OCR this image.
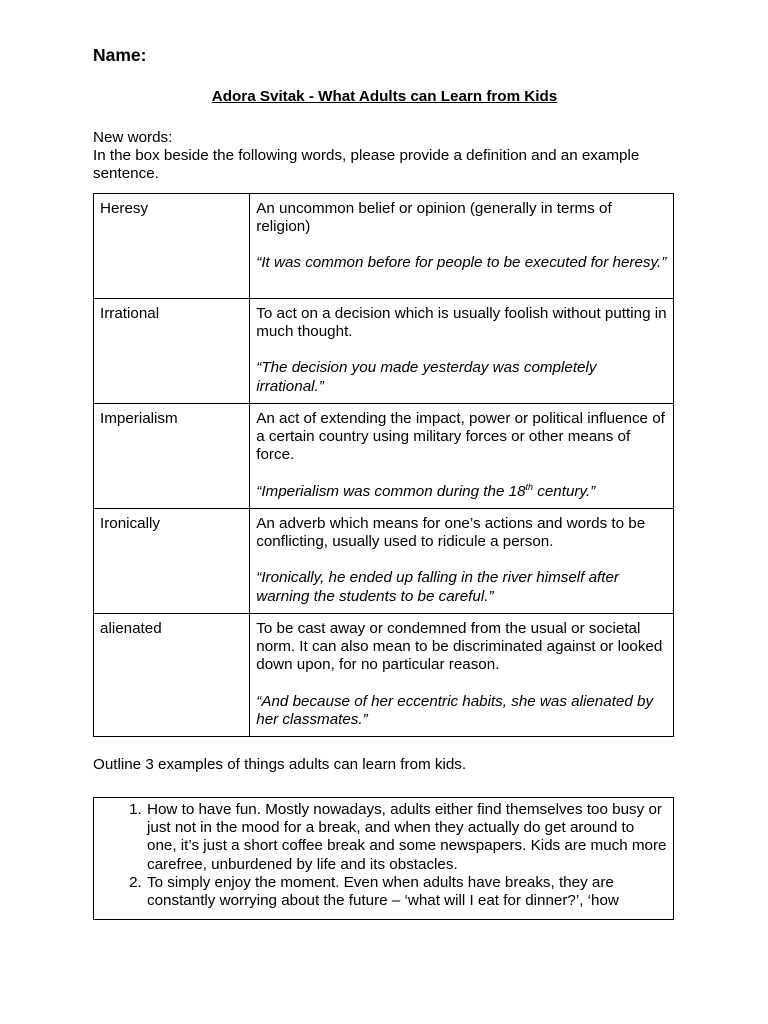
Name:
Adora Svitak - What Adults can Learn from Kids

New words:

In the box beside the following words, please provide a definition and an example sentence.

Heresy	An uncommon belief or opinion (generally in terms of religion)

“It was common before for people to be executed for heresy.”

Irrational	To act on a decision which is usually foolish without putting in much thought.

“The decision you made yesterday was completely irrational.”

Imperialism	An act of extending the impact, power or political influence of a certain country using military forces or other means of force.

“Imperialism was common during the 18th century.”

Ironically	An adverb which means for one’s actions and words to be conflicting, usually used to ridicule a person.

“Ironically, he ended up falling in the river himself after warning the students to be careful.”

alienated	To be cast away or condemned from the usual or societal norm. It can also mean to be discriminated against or looked down upon, for no particular reason.

“And because of her eccentric habits, she was alienated by her classmates.”

Outline 3 examples of things adults can learn from kids.

1. How to have fun. Mostly nowadays, adults either find themselves too busy or just not in the mood for a break, and when they actually do get around to one, it’s just a short coffee break and some newspapers. Kids are much more carefree, unburdened by life and its obstacles.
2. To simply enjoy the moment. Even when adults have breaks, they are constantly worrying about the future – ‘what will I eat for dinner?’, ‘how
